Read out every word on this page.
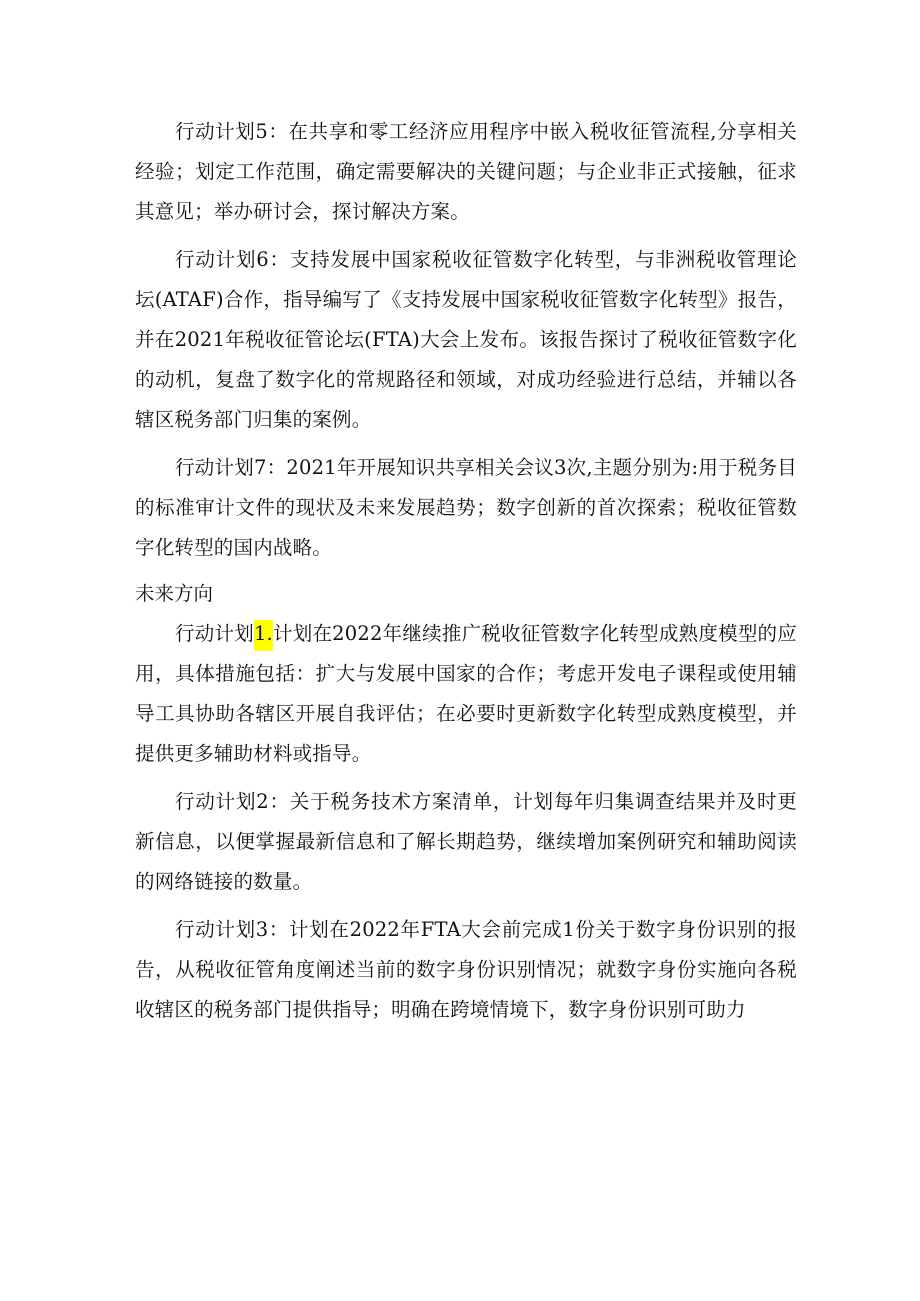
行动计划5：在共享和零工经济应用程序中嵌入税收征管流程,分享相关经验；划定工作范围，确定需要解决的关键问题；与企业非正式接触，征求其意见；举办研讨会，探讨解决方案。

行动计划6：支持发展中国家税收征管数字化转型，与非洲税收管理论坛(ATAF)合作，指导编写了《支持发展中国家税收征管数字化转型》报告，并在2021年税收征管论坛(FTA)大会上发布。该报告探讨了税收征管数字化的动机，复盘了数字化的常规路径和领域，对成功经验进行总结，并辅以各辖区税务部门归集的案例。

行动计划7：2021年开展知识共享相关会议3次,主题分别为:用于税务目的标准审计文件的现状及未来发展趋势；数字创新的首次探索；税收征管数字化转型的国内战略。

未来方向

行动计划1.计划在2022年继续推广税收征管数字化转型成熟度模型的应用，具体措施包括：扩大与发展中国家的合作；考虑开发电子课程或使用辅导工具协助各辖区开展自我评估；在必要时更新数字化转型成熟度模型，并提供更多辅助材料或指导。

行动计划2：关于税务技术方案清单，计划每年归集调查结果并及时更新信息，以便掌握最新信息和了解长期趋势，继续增加案例研究和辅助阅读的网络链接的数量。

行动计划3：计划在2022年FTA大会前完成1份关于数字身份识别的报告，从税收征管角度阐述当前的数字身份识别情况；就数字身份实施向各税收辖区的税务部门提供指导；明确在跨境情境下，数字身份识别可助力
